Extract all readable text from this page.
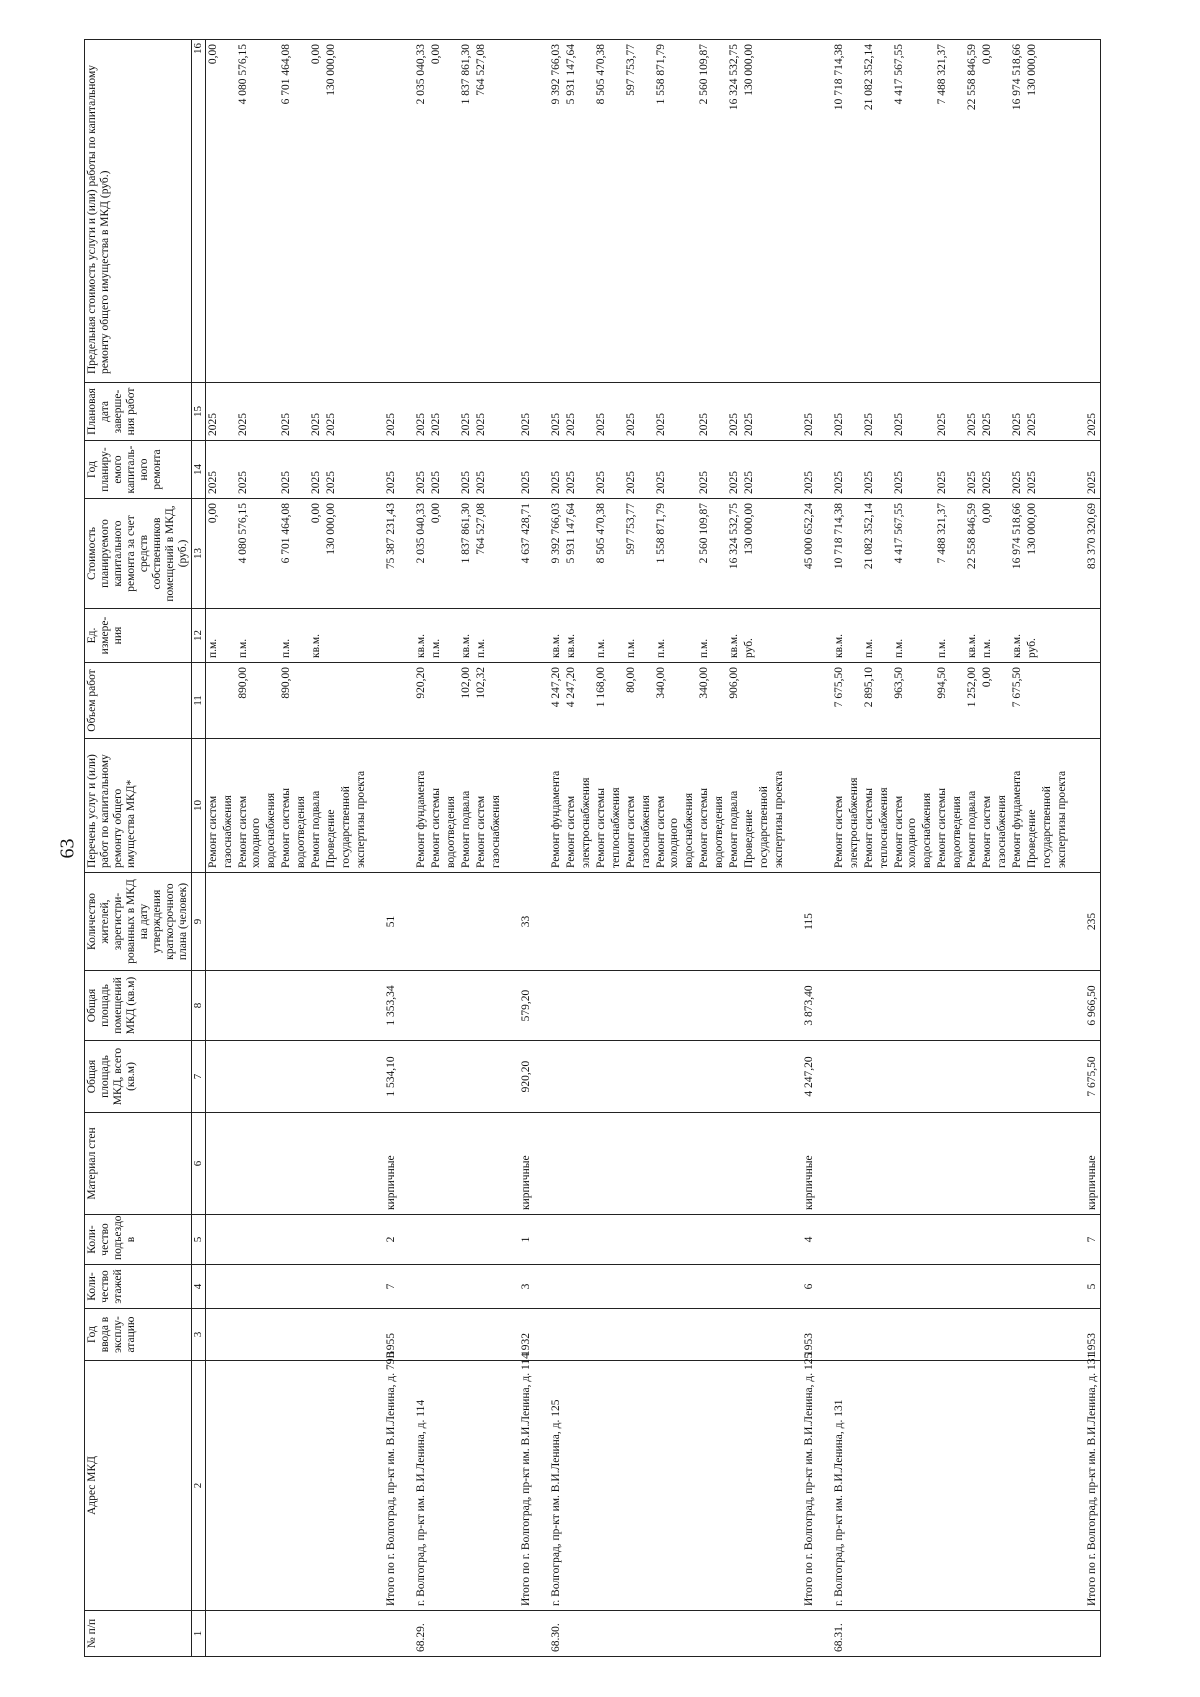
63
№ п/п	Адрес МКД	Год ввода в эксплу- атацию	Коли- чество этажей	Коли- чество подъездо в	Материал стен	Общая площадь МКД, всего (кв.м)	Общая площадь помещений МКД (кв.м)	Количество жителей, зарегистри- рованных в МКД на дату утверждения краткосрочного плана (человек)	Перечень услуг и (или) работ по капитальному ремонту общего имущества МКД*	Объем работ	Ед. измере- ния	Стоимость планируемого капитального ремонта за счет средств собственников помещений в МКД, (руб.)	Год планиру- емого капиталь- ного ремонта	Плановая дата заверше- ния работ	Предельная стоимость услуги и (или) работы по капитальному ремонту общего имущества в МКД (руб.)
1	2	3	4	5	6	7	8	9	10	11	12	13	14	15	16
									Ремонт систем		п.м.	0,00	2025	2025	0,00
									газоснабжения						
									Ремонт систем холодного	890,00	п.м.	4 080 576,15	2025	2025	4 080 576,15
									водоснабжения						
									Ремонт системы	890,00	п.м.	6 701 464,08	2025	2025	6 701 464,08
									водоотведения						
									Ремонт подвала		кв.м.	0,00	2025	2025	0,00
									Проведение			130 000,00	2025	2025	130 000,00
									государственной						
									экспертизы проекта						

	Итого по г. Волгоград, пр-кт им. В.И.Ленина, д. 79В	1955	7	2	кирпичные	1 534,10	1 353,34	51				75 387 231,43	2025	2025	

68.29.	г. Волгоград, пр-кт им. В.И.Ленина, д. 114								Ремонт фундамента	920,20	кв.м.	2 035 040,33	2025	2025	2 035 040,33
									Ремонт системы		п.м.	0,00	2025	2025	0,00
									водоотведения						
									Ремонт подвала	102,00	кв.м.	1 837 861,30	2025	2025	1 837 861,30
									Ремонт систем	102,32	п.м.	764 527,08	2025	2025	764 527,08
									газоснабжения						

	Итого по г. Волгоград, пр-кт им. В.И.Ленина, д. 114	1932	3	1	кирпичные	920,20	579,20	33				4 637 428,71	2025	2025	

68.30.	г. Волгоград, пр-кт им. В.И.Ленина, д. 125								Ремонт фундамента	4 247,20	кв.м.	9 392 766,03	2025	2025	9 392 766,03
									Ремонт систем	4 247,20	кв.м.	5 931 147,64	2025	2025	5 931 147,64
									электроснабжения						
									Ремонт системы	1 168,00	п.м.	8 505 470,38	2025	2025	8 505 470,38
									теплоснабжения						
									Ремонт систем	80,00	п.м.	597 753,77	2025	2025	597 753,77
									газоснабжения						
									Ремонт систем холодного	340,00	п.м.	1 558 871,79	2025	2025	1 558 871,79
									водоснабжения						
									Ремонт системы	340,00	п.м.	2 560 109,87	2025	2025	2 560 109,87
									водоотведения						
									Ремонт подвала	906,00	кв.м.	16 324 532,75	2025	2025	16 324 532,75
									Проведение		руб.	130 000,00	2025	2025	130 000,00
									государственной						
									экспертизы проекта						

	Итого по г. Волгоград, пр-кт им. В.И.Ленина, д. 125	1953	6	4	кирпичные	4 247,20	3 873,40	115				45 000 652,24	2025	2025	

68.31.	г. Волгоград, пр-кт им. В.И.Ленина, д. 131								Ремонт систем	7 675,50	кв.м.	10 718 714,38	2025	2025	10 718 714,38
									электроснабжения						
									Ремонт системы	2 895,10	п.м.	21 082 352,14	2025	2025	21 082 352,14
									теплоснабжения						
									Ремонт систем холодного	963,50	п.м.	4 417 567,55	2025	2025	4 417 567,55
									водоснабжения						
									Ремонт системы	994,50	п.м.	7 488 321,37	2025	2025	7 488 321,37
									водоотведения						
									Ремонт подвала	1 252,00	кв.м.	22 558 846,59	2025	2025	22 558 846,59
									Ремонт систем	0,00	п.м.	0,00	2025	2025	0,00
									газоснабжения						
									Ремонт фундамента	7 675,50	кв.м.	16 974 518,66	2025	2025	16 974 518,66
									Проведение		руб.	130 000,00	2025	2025	130 000,00
									государственной						
									экспертизы проекта						

	Итого по г. Волгоград, пр-кт им. В.И.Ленина, д. 131	1953	5	7	кирпичные	7 675,50	6 966,50	235				83 370 320,69	2025	2025	
